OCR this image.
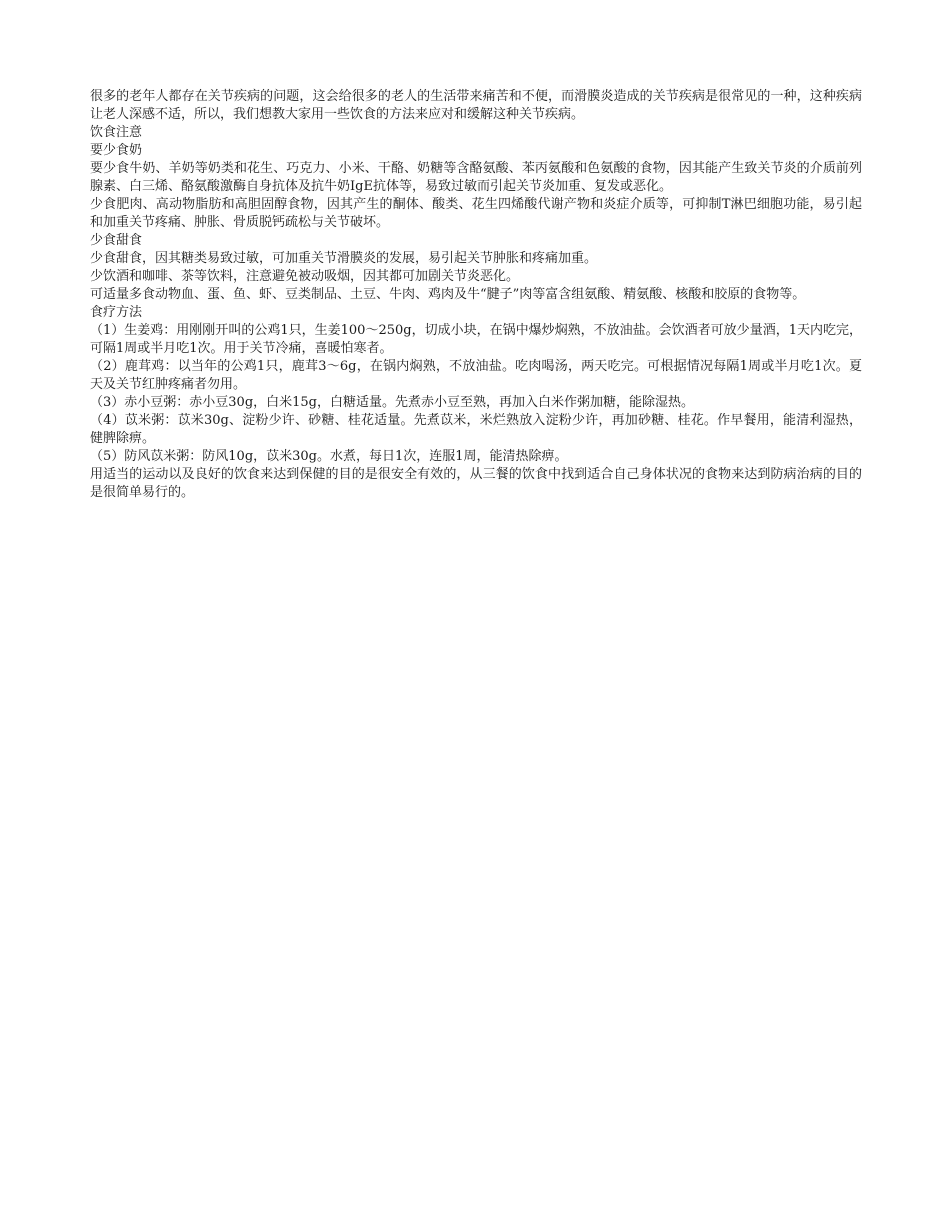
很多的老年人都存在关节疾病的问题，这会给很多的老人的生活带来痛苦和不便，而滑膜炎造成的关节疾病是很常见的一种，这种疾病让老人深感不适，所以，我们想教大家用一些饮食的方法来应对和缓解这种关节疾病。

饮食注意

要少食奶

要少食牛奶、羊奶等奶类和花生、巧克力、小米、干酪、奶糖等含酪氨酸、苯丙氨酸和色氨酸的食物，因其能产生致关节炎的介质前列腺素、白三烯、酪氨酸激酶自身抗体及抗牛奶IgE抗体等，易致过敏而引起关节炎加重、复发或恶化。

少食肥肉、高动物脂肪和高胆固醇食物，因其产生的酮体、酸类、花生四烯酸代谢产物和炎症介质等，可抑制T淋巴细胞功能，易引起和加重关节疼痛、肿胀、骨质脱钙疏松与关节破坏。

少食甜食

少食甜食，因其糖类易致过敏，可加重关节滑膜炎的发展，易引起关节肿胀和疼痛加重。

少饮酒和咖啡、茶等饮料，注意避免被动吸烟，因其都可加剧关节炎恶化。

可适量多食动物血、蛋、鱼、虾、豆类制品、土豆、牛肉、鸡肉及牛“腱子”肉等富含组氨酸、精氨酸、核酸和胶原的食物等。

食疗方法

（1）生姜鸡：用刚刚开叫的公鸡1只，生姜100～250g，切成小块，在锅中爆炒焖熟，不放油盐。会饮酒者可放少量酒，1天内吃完，可隔1周或半月吃1次。用于关节冷痛，喜暖怕寒者。

（2）鹿茸鸡：以当年的公鸡1只，鹿茸3～6g，在锅内焖熟，不放油盐。吃肉喝汤，两天吃完。可根据情况每隔1周或半月吃1次。夏天及关节红肿疼痛者勿用。

（3）赤小豆粥：赤小豆30g，白米15g，白糖适量。先煮赤小豆至熟，再加入白米作粥加糖，能除湿热。

（4）苡米粥：苡米30g、淀粉少许、砂糖、桂花适量。先煮苡米，米烂熟放入淀粉少许，再加砂糖、桂花。作早餐用，能清利湿热，健脾除痹。

（5）防风苡米粥：防风10g，苡米30g。水煮，每日1次，连服1周，能清热除痹。

用适当的运动以及良好的饮食来达到保健的目的是很安全有效的，从三餐的饮食中找到适合自己身体状况的食物来达到防病治病的目的是很简单易行的。
